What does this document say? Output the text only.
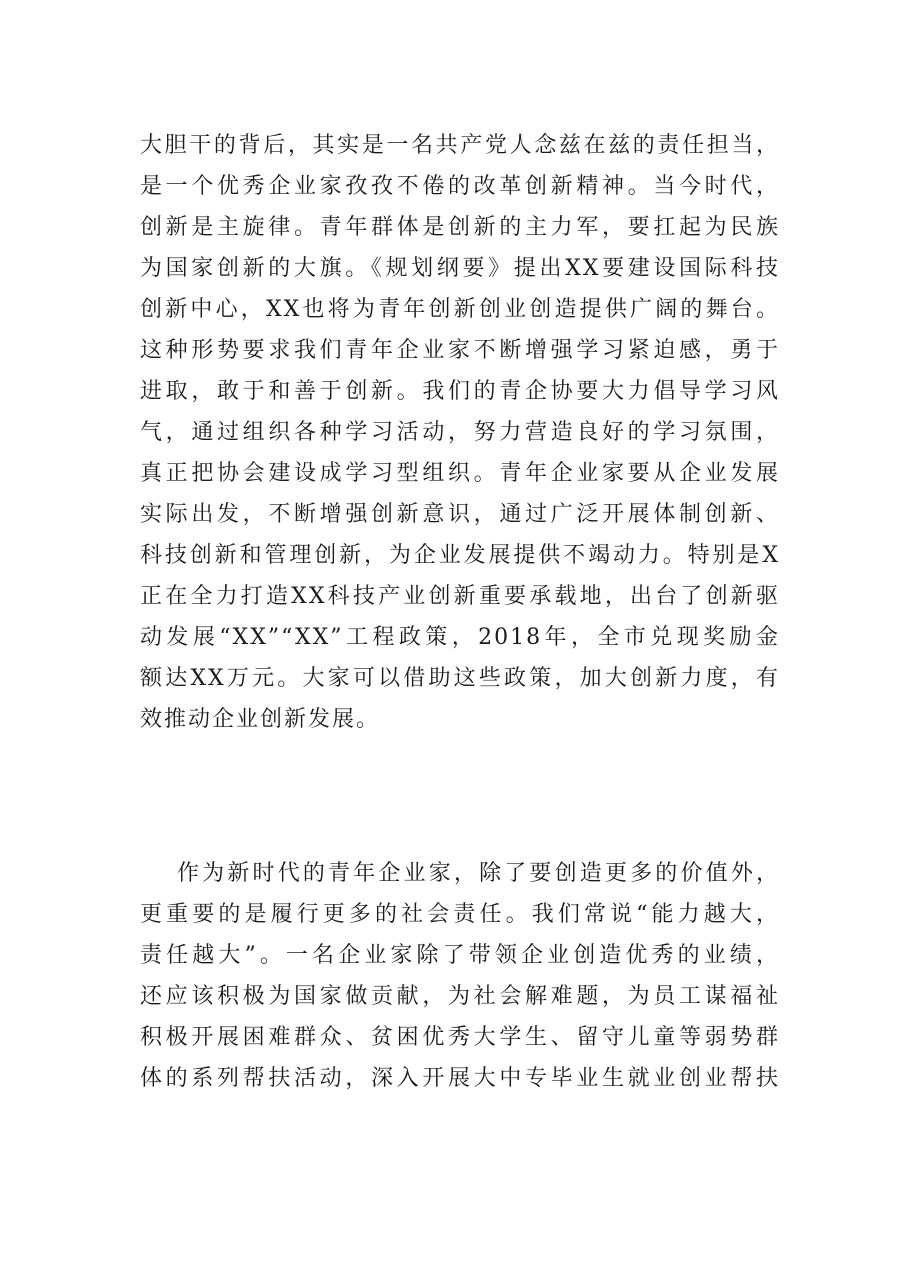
大胆干的背后，其实是一名共产党人念兹在兹的责任担当，
是一个优秀企业家孜孜不倦的改革创新精神。当今时代，
创新是主旋律。青年群体是创新的主力军，要扛起为民族
为国家创新的大旗。《规划纲要》提出XX要建设国际科技
创新中心，XX也将为青年创新创业创造提供广阔的舞台。
这种形势要求我们青年企业家不断增强学习紧迫感，勇于
进取，敢于和善于创新。我们的青企协要大力倡导学习风
气，通过组织各种学习活动，努力营造良好的学习氛围，
真正把协会建设成学习型组织。青年企业家要从企业发展
实际出发，不断增强创新意识，通过广泛开展体制创新、
科技创新和管理创新，为企业发展提供不竭动力。特别是X
正在全力打造XX科技产业创新重要承载地，出台了创新驱
动发展“XX”“XX”工程政策，2018年，全市兑现奖励金
额达XX万元。大家可以借助这些政策，加大创新力度，有
效推动企业创新发展。
作为新时代的青年企业家，除了要创造更多的价值外，
更重要的是履行更多的社会责任。我们常说“能力越大，
责任越大”。一名企业家除了带领企业创造优秀的业绩，
还应该积极为国家做贡献，为社会解难题，为员工谋福祉
积极开展困难群众、贫困优秀大学生、留守儿童等弱势群
体的系列帮扶活动，深入开展大中专毕业生就业创业帮扶
